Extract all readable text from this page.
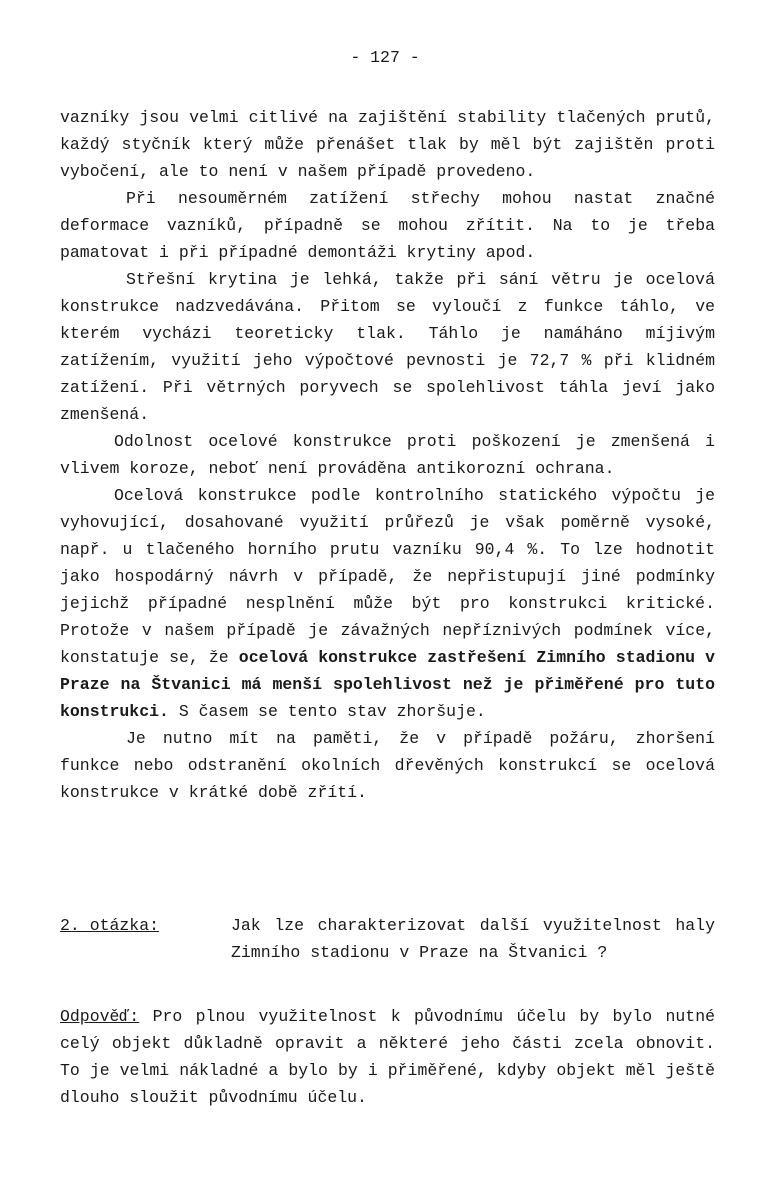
- 127 -
vazníky jsou velmi citlivé na zajištění stability tlačených prutů, každý styčník který může přenášet tlak by měl být zajištěn proti vybočení, ale to není v našem případě provedeno.
Při nesouměrném zatížení střechy mohou nastat značné deformace vazníků, případně se mohou zřítit. Na to je třeba pamatovat i při případné demontáži krytiny apod.
Střešní krytina je lehká, takže při sání větru je ocelová konstrukce nadzvedávána. Přitom se vyloučí z funkce táhlo, ve kterém vycházi teoreticky tlak. Táhlo je namáháno míjivým zatížením, využití jeho výpočtové pevnosti je 72,7 % při klidném zatížení. Při větrných poryvech se spolehlivost táhla jeví jako zmenšená.
Odolnost ocelové konstrukce proti poškození je zmenšená i vlivem koroze, neboť není prováděna antikorozní ochrana.
Ocelová konstrukce podle kontrolního statického výpočtu je vyhovující, dosahované využití průřezů je však poměrně vysoké, např. u tlačeného horního prutu vazníku 90,4 %. To lze hodnotit jako hospodárný návrh v případě, že nepřistupují jiné podmínky jejichž případné nesplnění může být pro konstrukci kritické. Protože v našem případě je závažných nepříznivých podmínek více, konstatuje se, že ocelová konstrukce zastřešení Zimního stadionu v Praze na Štvanici má menší spolehlivost než je přiměřené pro tuto konstrukci. S časem se tento stav zhoršuje.
Je nutno mít na paměti, že v případě požáru, zhoršení funkce nebo odstranění okolních dřevěných konstrukcí se ocelová konstrukce v krátké době zřítí.
2. otázka:	Jak lze charakterizovat další využitelnost haly Zimního stadionu v Praze na Štvanici ?
Odpověď: Pro plnou využitelnost k původnímu účelu by bylo nutné celý objekt důkladně opravit a některé jeho části zcela obnovit. To je velmi nákladné a bylo by i přiměřené, kdyby objekt měl ještě dlouho sloužit původnímu účelu.
